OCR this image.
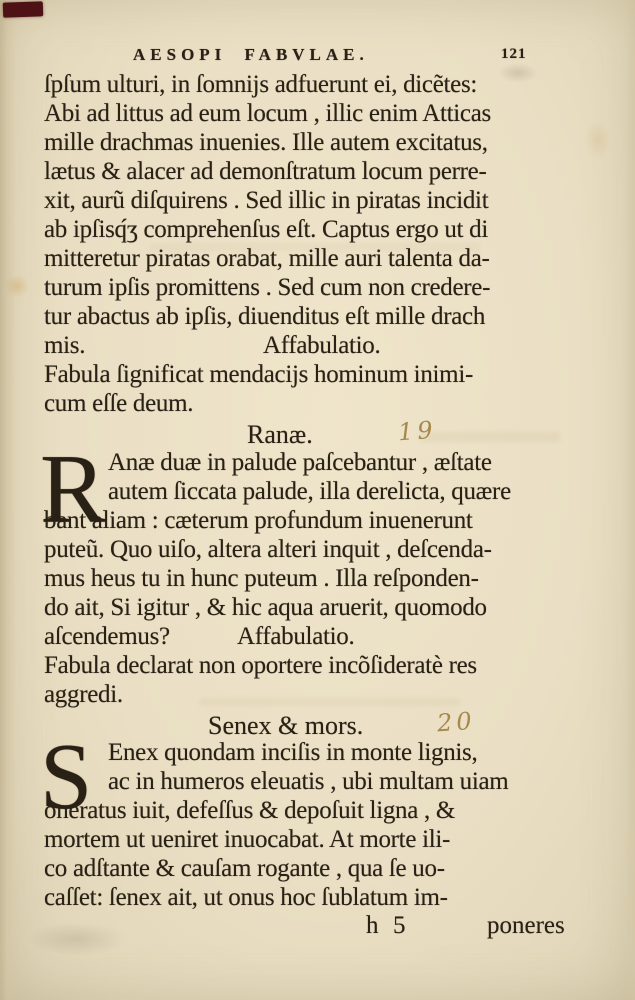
AESOPI FABVLAE.	121
ſpſum ulturi, in ſomnijs adfuerunt ei, dicẽtes:
Abi ad littus ad eum locum , illic enim Atticas
mille drachmas inuenies. Ille autem excitatus,
lætus & alacer ad demonſtratum locum perre-
xit, aurũ diſquirens . Sed illic in piratas incidit
ab ipſisq́ʒ comprehenſus eſt. Captus ergo ut di
mitteretur piratas orabat, mille auri talenta da-
turum ipſis promittens . Sed cum non credere-
tur abactus ab ipſis, diuenditus eſt mille drach
mis.	Affabulatio.
Fabula ſignificat mendacijs hominum inimi-
cum eſſe deum.
Ranæ.	19
R Anæ duæ in palude paſcebantur , æſtate
autem ſiccata palude, illa derelicta, quære
bant aliam : cæterum profundum inuenerunt
puteũ. Quo uiſo, altera alteri inquit , deſcenda-
mus heus tu in hunc puteum . Illa reſponden-
do ait, Si igitur , & hic aqua aruerit, quomodo
aſcendemus?	Affabulatio.
Fabula declarat non oportere incõſideratè res
aggredi.
Senex & mors.	20
S Enex quondam inciſis in monte lignis,
ac in humeros eleuatis , ubi multam uiam
oneratus iuit, defeſſus & depoſuit ligna , &
mortem ut ueniret inuocabat. At morte ili-
co adſtante & cauſam rogante , qua ſe uo-
caſſet: ſenex ait, ut onus hoc ſublatum im-
h 5	poneres
